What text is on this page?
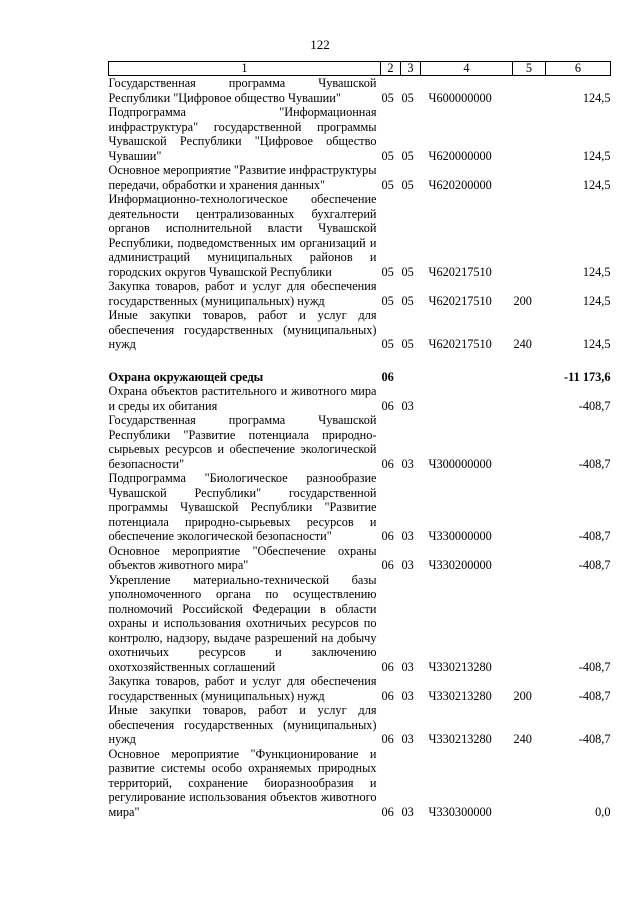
122
1	2	3	4	5	6
Государственная программа Чувашской Республики "Цифровое общество Чувашии"	05	05	Ч600000000		124,5
Подпрограмма "Информационная инфраструктура" государственной программы Чувашской Республики "Цифровое общество Чувашии"	05	05	Ч620000000		124,5
Основное мероприятие "Развитие инфраструктуры передачи, обработки и хранения данных"	05	05	Ч620200000		124,5
Информационно-технологическое обеспечение деятельности централизованных бухгалтерий органов исполнительной власти Чувашской Республики, подведомственных им организаций и администраций муниципальных районов и городских округов Чувашской Республики	05	05	Ч620217510		124,5
Закупка товаров, работ и услуг для обеспечения государственных (муниципальных) нужд	05	05	Ч620217510	200	124,5
Иные закупки товаров, работ и услуг для обеспечения государственных (муниципальных) нужд	05	05	Ч620217510	240	124,5

Охрана окружающей среды	06				-11 173,6
Охрана объектов растительного и животного мира и среды их обитания	06	03			-408,7
Государственная программа Чувашской Республики "Развитие потенциала природно-сырьевых ресурсов и обеспечение экологической безопасности"	06	03	Ч300000000		-408,7
Подпрограмма "Биологическое разнообразие Чувашской Республики" государственной программы Чувашской Республики "Развитие потенциала природно-сырьевых ресурсов и обеспечение экологической безопасности"	06	03	Ч330000000		-408,7
Основное мероприятие "Обеспечение охраны объектов животного мира"	06	03	Ч330200000		-408,7
Укрепление материально-технической базы уполномоченного органа по осуществлению полномочий Российской Федерации в области охраны и использования охотничьих ресурсов по контролю, надзору, выдаче разрешений на добычу охотничьих ресурсов и заключению охотхозяйственных соглашений	06	03	Ч330213280		-408,7
Закупка товаров, работ и услуг для обеспечения государственных (муниципальных) нужд	06	03	Ч330213280	200	-408,7
Иные закупки товаров, работ и услуг для обеспечения государственных (муниципальных) нужд	06	03	Ч330213280	240	-408,7
Основное мероприятие "Функционирование и развитие системы особо охраняемых природных территорий, сохранение биоразнообразия и регулирование использования объектов животного мира"	06	03	Ч330300000		0,0
